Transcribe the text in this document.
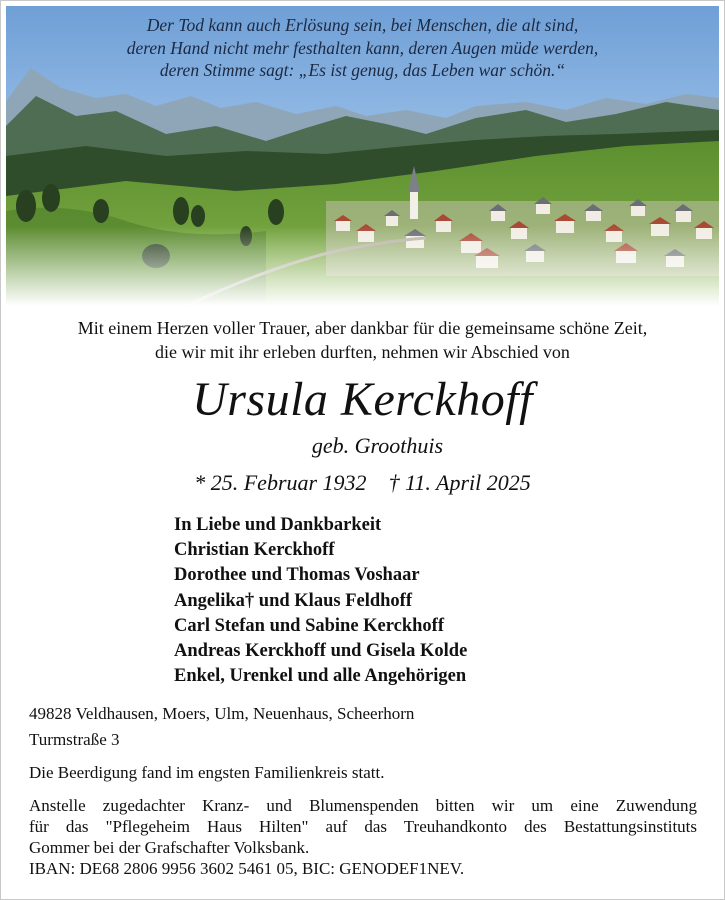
Der Tod kann auch Erlösung sein, bei Menschen, die alt sind,
deren Hand nicht mehr festhalten kann, deren Augen müde werden,
deren Stimme sagt: „Es ist genug, das Leben war schön.“
Mit einem Herzen voller Trauer, aber dankbar für die gemeinsame schöne Zeit,
die wir mit ihr erleben durften, nehmen wir Abschied von
Ursula Kerckhoff
geb. Groothuis
* 25. Februar 1932 † 11. April 2025
In Liebe und Dankbarkeit
Christian Kerckhoff
Dorothee und Thomas Voshaar
Angelika† und Klaus Feldhoff
Carl Stefan und Sabine Kerckhoff
Andreas Kerckhoff und Gisela Kolde
Enkel, Urenkel und alle Angehörigen
49828 Veldhausen, Moers, Ulm, Neuenhaus, Scheerhorn
Turmstraße 3
Die Beerdigung fand im engsten Familienkreis statt.
Anstelle zugedachter Kranz- und Blumenspenden bitten wir um eine Zuwendung
für das "Pflegeheim Haus Hilten" auf das Treuhandkonto des Bestattungsinstituts
Gommer bei der Grafschafter Volksbank.
IBAN: DE68 2806 9956 3602 5461 05, BIC: GENODEF1NEV.
